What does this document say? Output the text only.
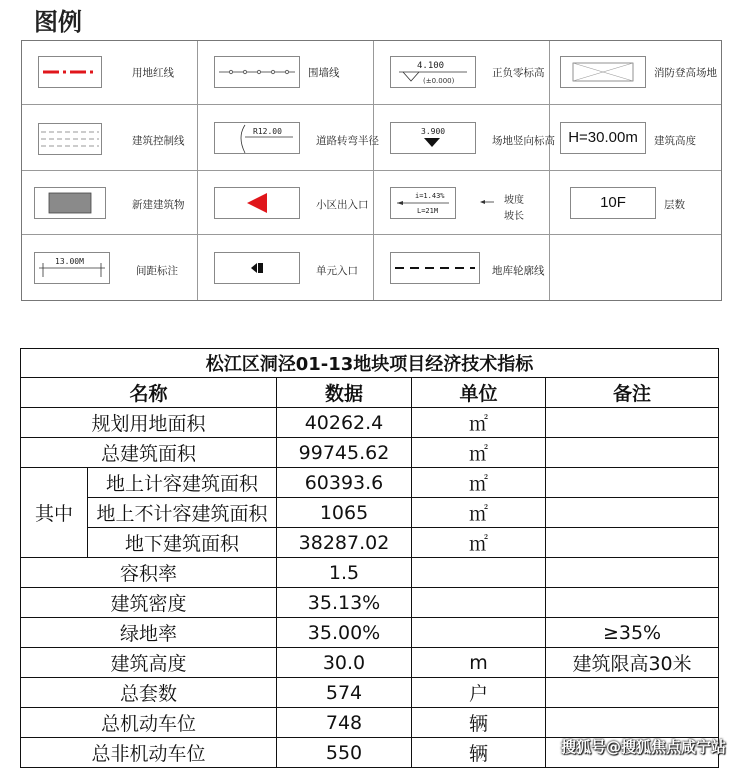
图例
用地红线	围墙线
4.100
(±0.000)
正负零标高	消防登高场地
建筑控制线
R12.00
道路转弯半径
3.900
场地竖向标高 H=30.00m	建筑高度
新建建筑物	小区出入口
i=1.43%
L=21M
坡度
坡长
10F	层数
13.00M
间距标注	单元入口	地库轮廓线
松江区洞泾01-13地块项目经济技术指标				
名称		数据	单位	备注
规划用地面积		40262.4	㎡	
总建筑面积		99745.62	㎡	
其中	地上计容建筑面积	60393.6	㎡	
	地上不计容建筑面积	1065	㎡	
	地下建筑面积	38287.02	㎡	
容积率		1.5		
建筑密度		35.13%		
绿地率		35.00%		≥35%
建筑高度		30.0	m	建筑限高30米
总套数		574	户	
总机动车位		748	辆	
总非机动车位		550	辆		搜狐号@搜狐焦点咸宁站
